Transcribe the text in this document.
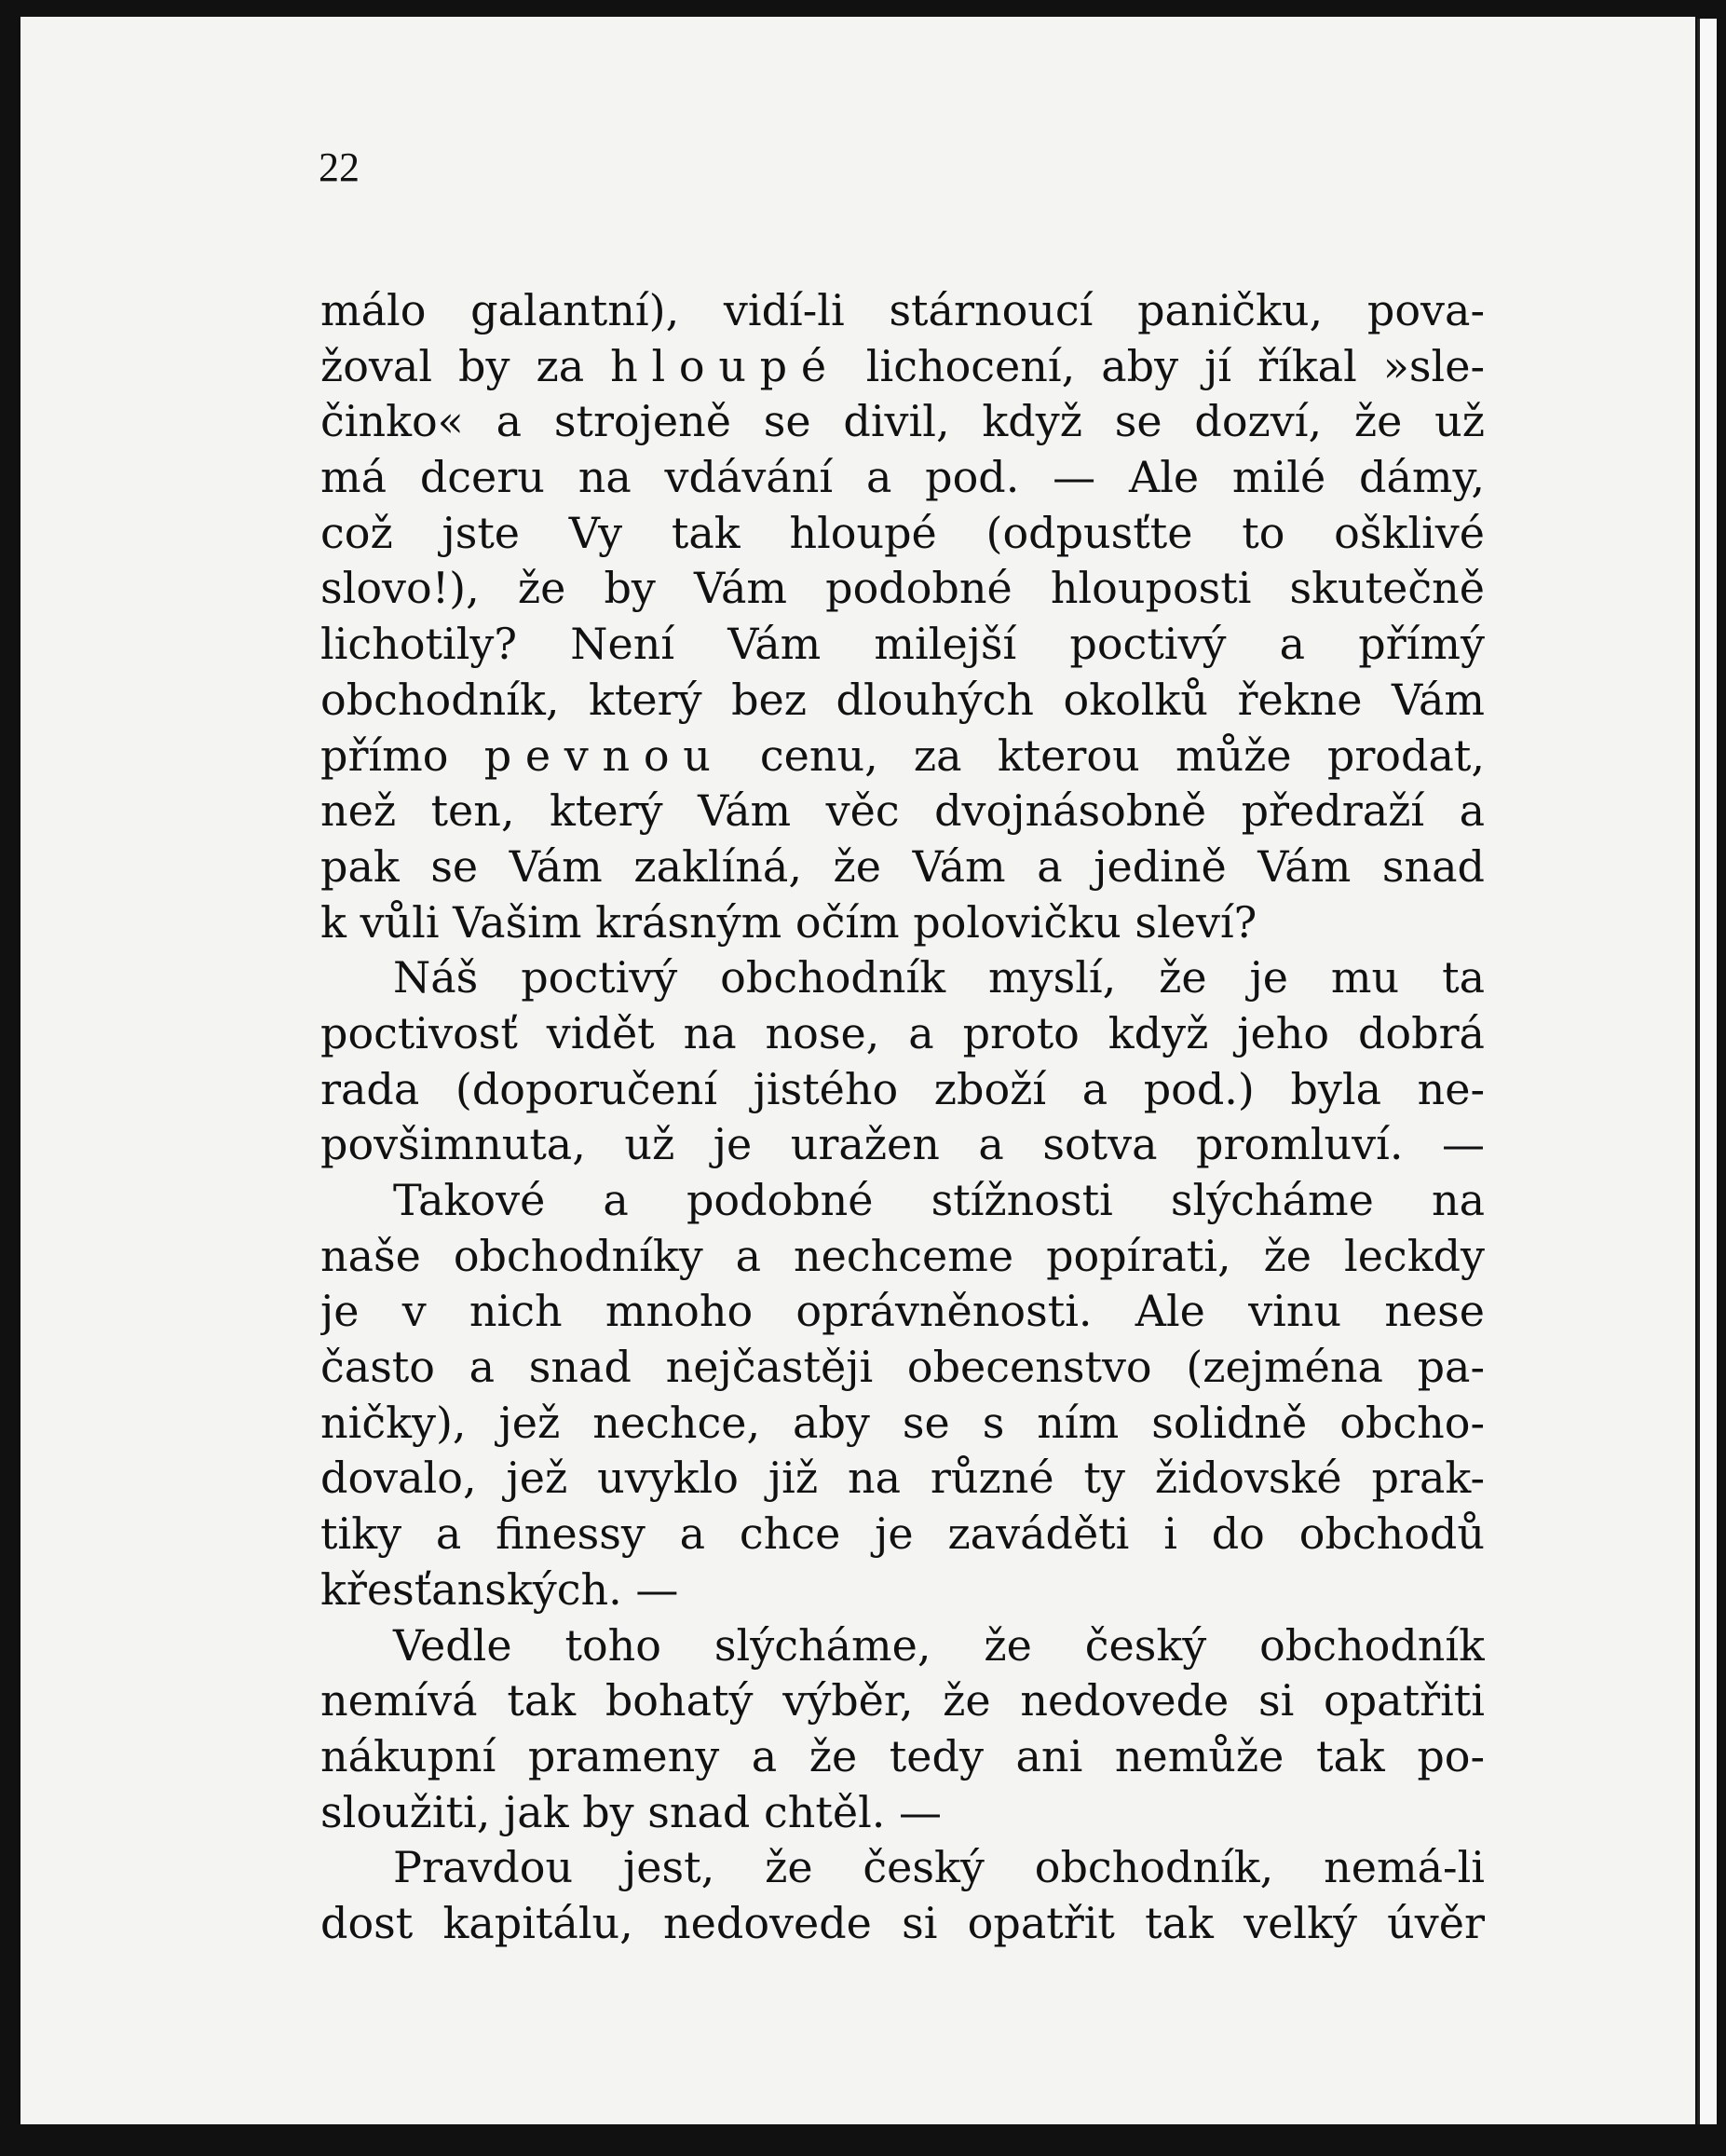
22

málo galantní), vidí-li stárnoucí paničku, pova-
žoval by za hloupé lichocení, aby jí říkal »sle-
činko« a strojeně se divil, když se dozví, že už
má dceru na vdávání a pod. — Ale milé dámy,
což jste Vy tak hloupé (odpusťte to ošklivé
slovo!), že by Vám podobné hlouposti skutečně
lichotily? Není Vám milejší poctivý a přímý
obchodník, který bez dlouhých okolků řekne Vám
přímo pevnou cenu, za kterou může prodat,
než ten, který Vám věc dvojnásobně předraží a
pak se Vám zaklíná, že Vám a jedině Vám snad
k vůli Vašim krásným očím polovičku sleví?
Náš poctivý obchodník myslí, že je mu ta
poctivosť vidět na nose, a proto když jeho dobrá
rada (doporučení jistého zboží a pod.) byla ne-
povšimnuta, už je uražen a sotva promluví. —
Takové a podobné stížnosti slýcháme na
naše obchodníky a nechceme popírati, že leckdy
je v nich mnoho oprávněnosti. Ale vinu nese
často a snad nejčastěji obecenstvo (zejména pa-
ničky), jež nechce, aby se s ním solidně obcho-
dovalo, jež uvyklo již na různé ty židovské prak-
tiky a finessy a chce je zaváděti i do obchodů
křesťanských. —
Vedle toho slýcháme, že český obchodník
nemívá tak bohatý výběr, že nedovede si opatřiti
nákupní prameny a že tedy ani nemůže tak po-
sloužiti, jak by snad chtěl. —
Pravdou jest, že český obchodník, nemá-li
dost kapitálu, nedovede si opatřit tak velký úvěr
